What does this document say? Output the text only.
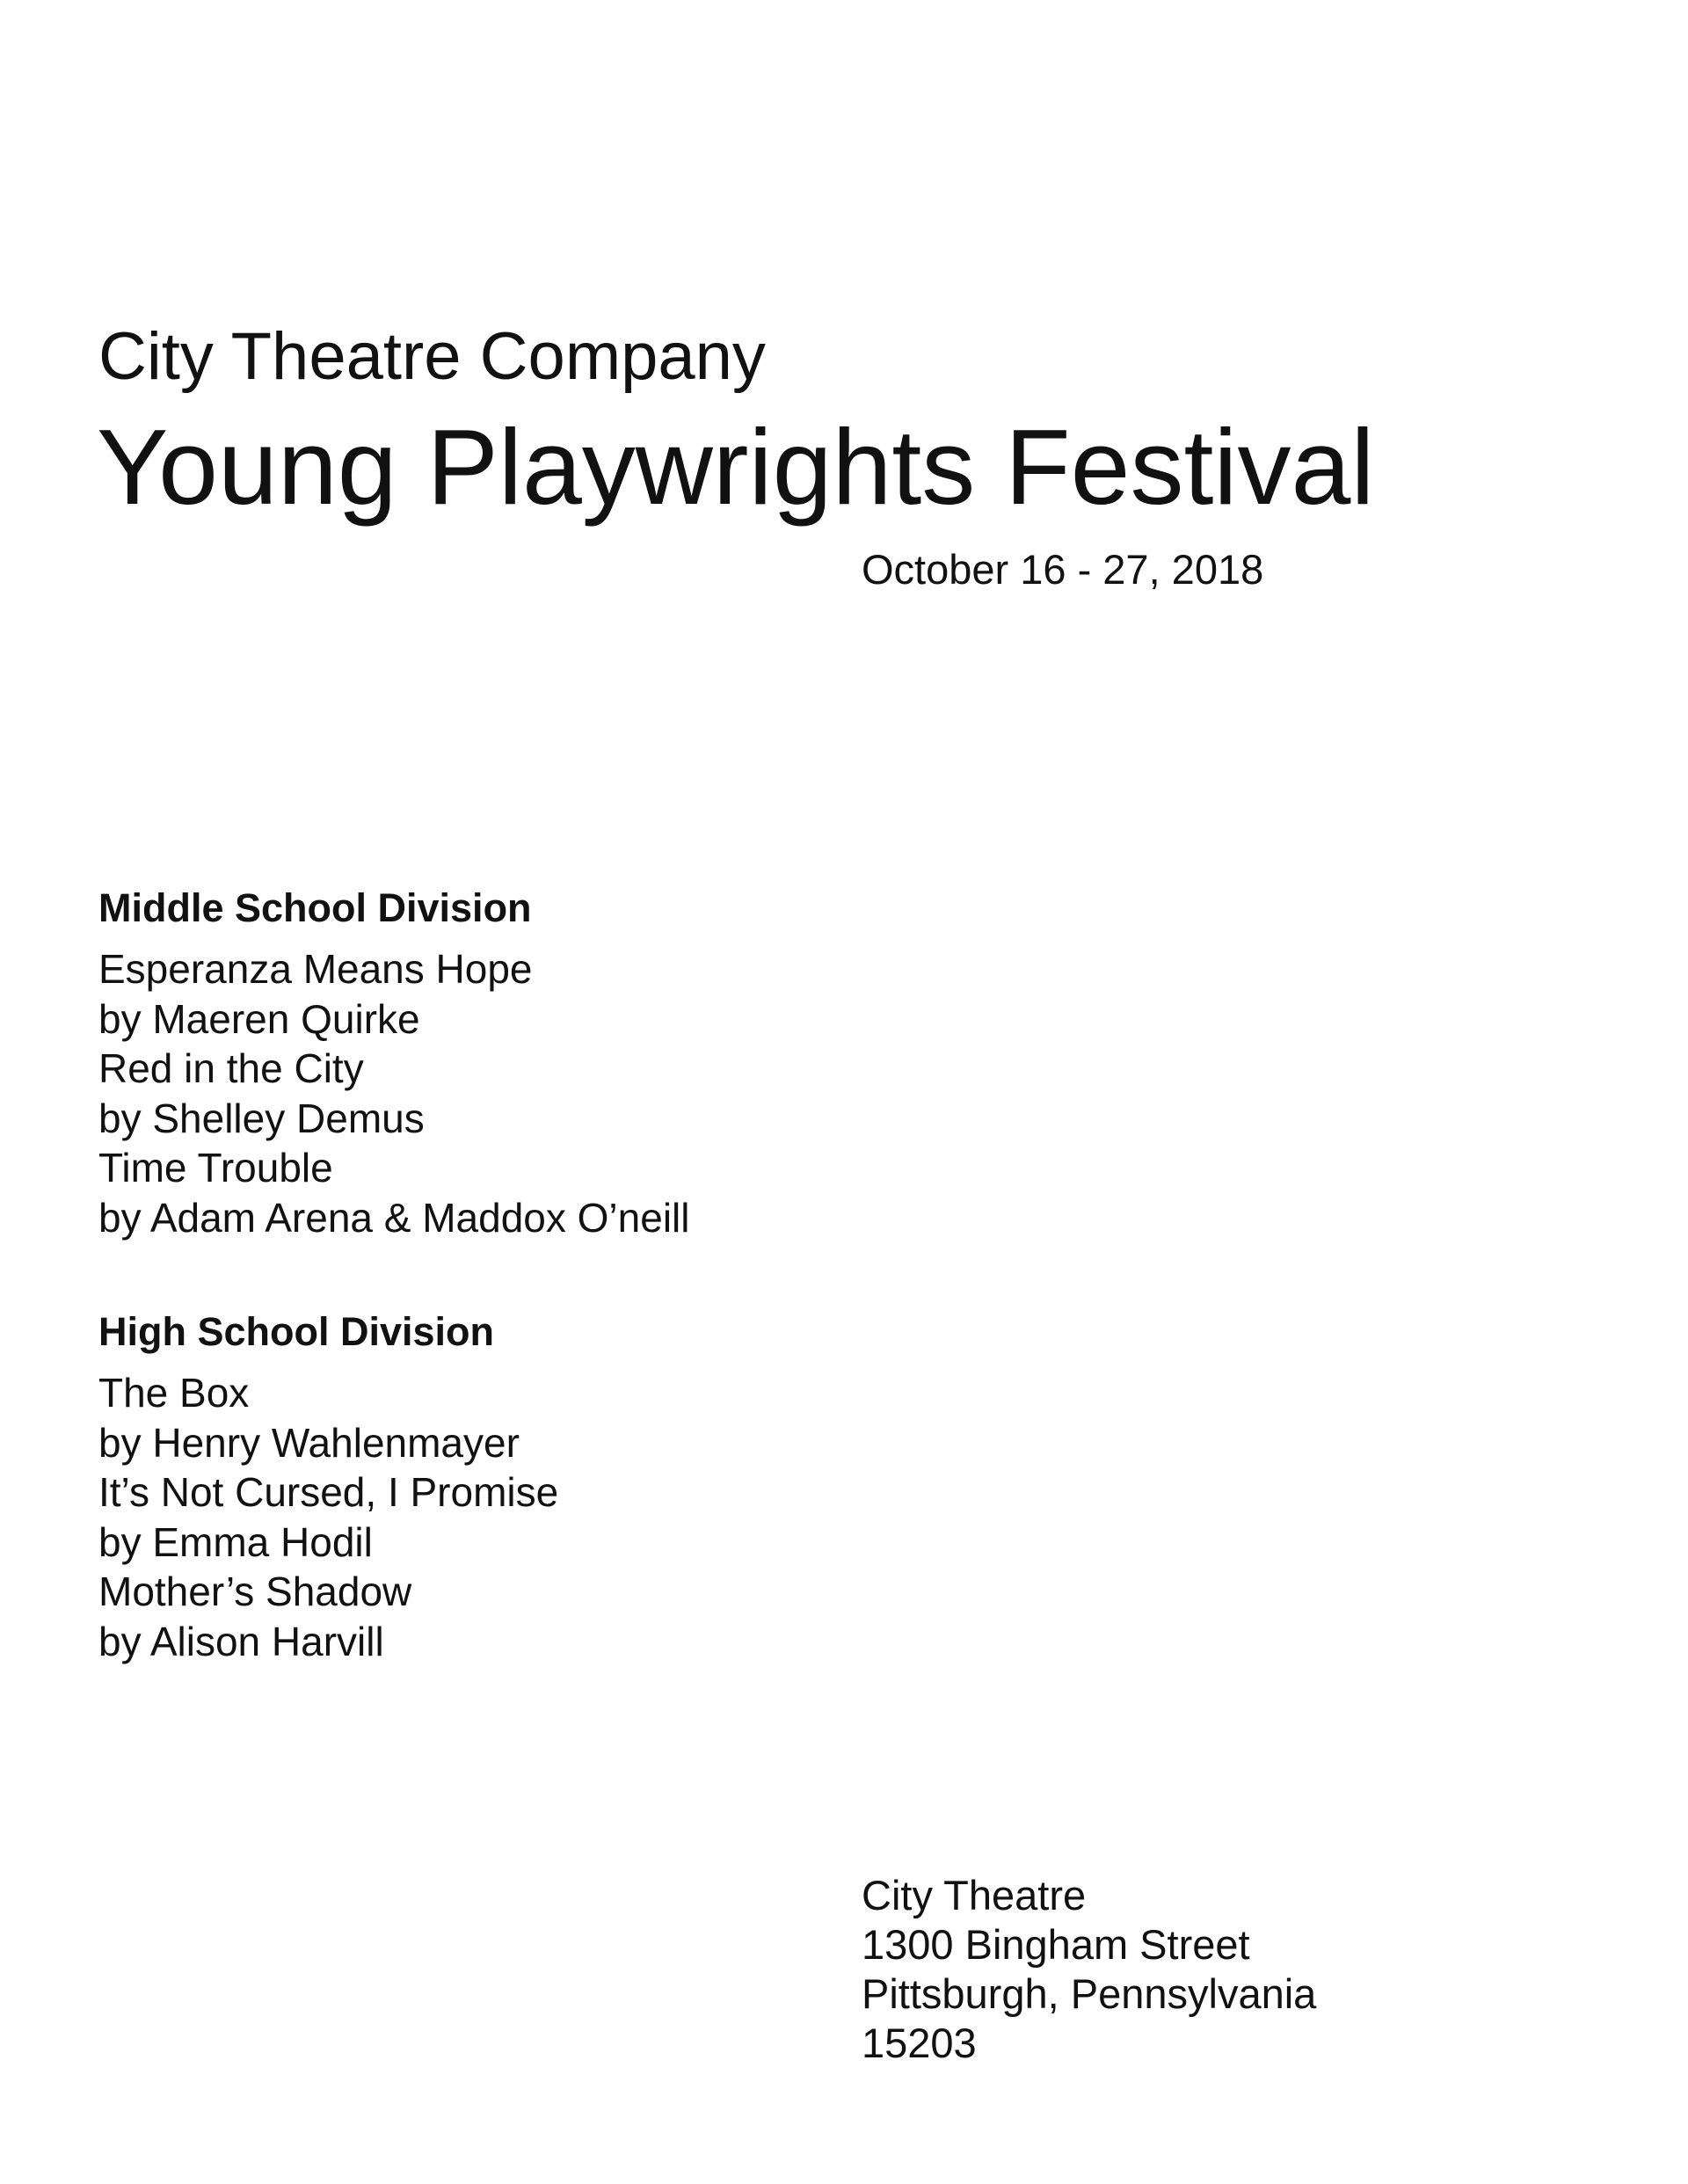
City Theatre Company
Young Playwrights Festival
October 16 - 27, 2018
Middle School Division
Esperanza Means Hope
by Maeren Quirke
Red in the City
by Shelley Demus
Time Trouble
by Adam Arena & Maddox O’neill
High School Division
The Box
by Henry Wahlenmayer
It’s Not Cursed, I Promise
by Emma Hodil
Mother’s Shadow
by Alison Harvill
City Theatre
1300 Bingham Street
Pittsburgh, Pennsylvania
15203
